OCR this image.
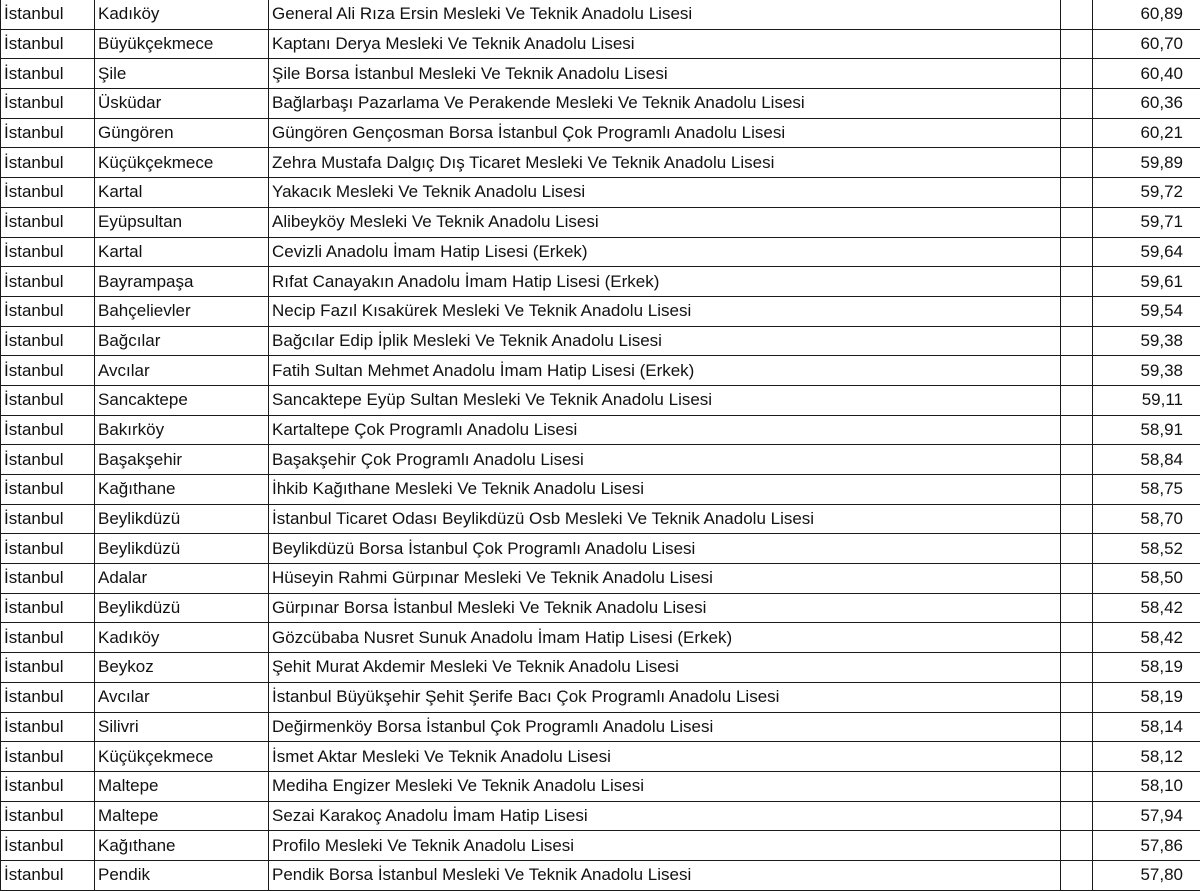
İstanbul	Kadıköy	General Ali Rıza Ersin Mesleki Ve Teknik Anadolu Lisesi		60,89
İstanbul	Büyükçekmece	Kaptanı Derya Mesleki Ve Teknik Anadolu Lisesi		60,70
İstanbul	Şile	Şile Borsa İstanbul Mesleki Ve Teknik Anadolu Lisesi		60,40
İstanbul	Üsküdar	Bağlarbaşı Pazarlama Ve Perakende Mesleki Ve Teknik Anadolu Lisesi		60,36
İstanbul	Güngören	Güngören Gençosman Borsa İstanbul Çok Programlı Anadolu Lisesi		60,21
İstanbul	Küçükçekmece	Zehra Mustafa Dalgıç Dış Ticaret Mesleki Ve Teknik Anadolu Lisesi		59,89
İstanbul	Kartal	Yakacık Mesleki Ve Teknik Anadolu Lisesi		59,72
İstanbul	Eyüpsultan	Alibeyköy Mesleki Ve Teknik Anadolu Lisesi		59,71
İstanbul	Kartal	Cevizli Anadolu İmam Hatip Lisesi (Erkek)		59,64
İstanbul	Bayrampaşa	Rıfat Canayakın Anadolu İmam Hatip Lisesi (Erkek)		59,61
İstanbul	Bahçelievler	Necip Fazıl Kısakürek Mesleki Ve Teknik Anadolu Lisesi		59,54
İstanbul	Bağcılar	Bağcılar Edip İplik Mesleki Ve Teknik Anadolu Lisesi		59,38
İstanbul	Avcılar	Fatih Sultan Mehmet Anadolu İmam Hatip Lisesi (Erkek)		59,38
İstanbul	Sancaktepe	Sancaktepe Eyüp Sultan Mesleki Ve Teknik Anadolu Lisesi		59,11
İstanbul	Bakırköy	Kartaltepe Çok Programlı Anadolu Lisesi		58,91
İstanbul	Başakşehir	Başakşehir Çok Programlı Anadolu Lisesi		58,84
İstanbul	Kağıthane	İhkib Kağıthane Mesleki Ve Teknik Anadolu Lisesi		58,75
İstanbul	Beylikdüzü	İstanbul Ticaret Odası Beylikdüzü Osb Mesleki Ve Teknik Anadolu Lisesi		58,70
İstanbul	Beylikdüzü	Beylikdüzü Borsa İstanbul Çok Programlı Anadolu Lisesi		58,52
İstanbul	Adalar	Hüseyin Rahmi Gürpınar Mesleki Ve Teknik Anadolu Lisesi		58,50
İstanbul	Beylikdüzü	Gürpınar Borsa İstanbul Mesleki Ve Teknik Anadolu Lisesi		58,42
İstanbul	Kadıköy	Gözcübaba Nusret Sunuk Anadolu İmam Hatip Lisesi (Erkek)		58,42
İstanbul	Beykoz	Şehit Murat Akdemir Mesleki Ve Teknik Anadolu Lisesi		58,19
İstanbul	Avcılar	İstanbul Büyükşehir Şehit Şerife Bacı Çok Programlı Anadolu Lisesi		58,19
İstanbul	Silivri	Değirmenköy Borsa İstanbul Çok Programlı Anadolu Lisesi		58,14
İstanbul	Küçükçekmece	İsmet Aktar Mesleki Ve Teknik Anadolu Lisesi		58,12
İstanbul	Maltepe	Mediha Engizer Mesleki Ve Teknik Anadolu Lisesi		58,10
İstanbul	Maltepe	Sezai Karakoç Anadolu İmam Hatip Lisesi		57,94
İstanbul	Kağıthane	Profilo Mesleki Ve Teknik Anadolu Lisesi		57,86
İstanbul	Pendik	Pendik Borsa İstanbul Mesleki Ve Teknik Anadolu Lisesi		57,80
